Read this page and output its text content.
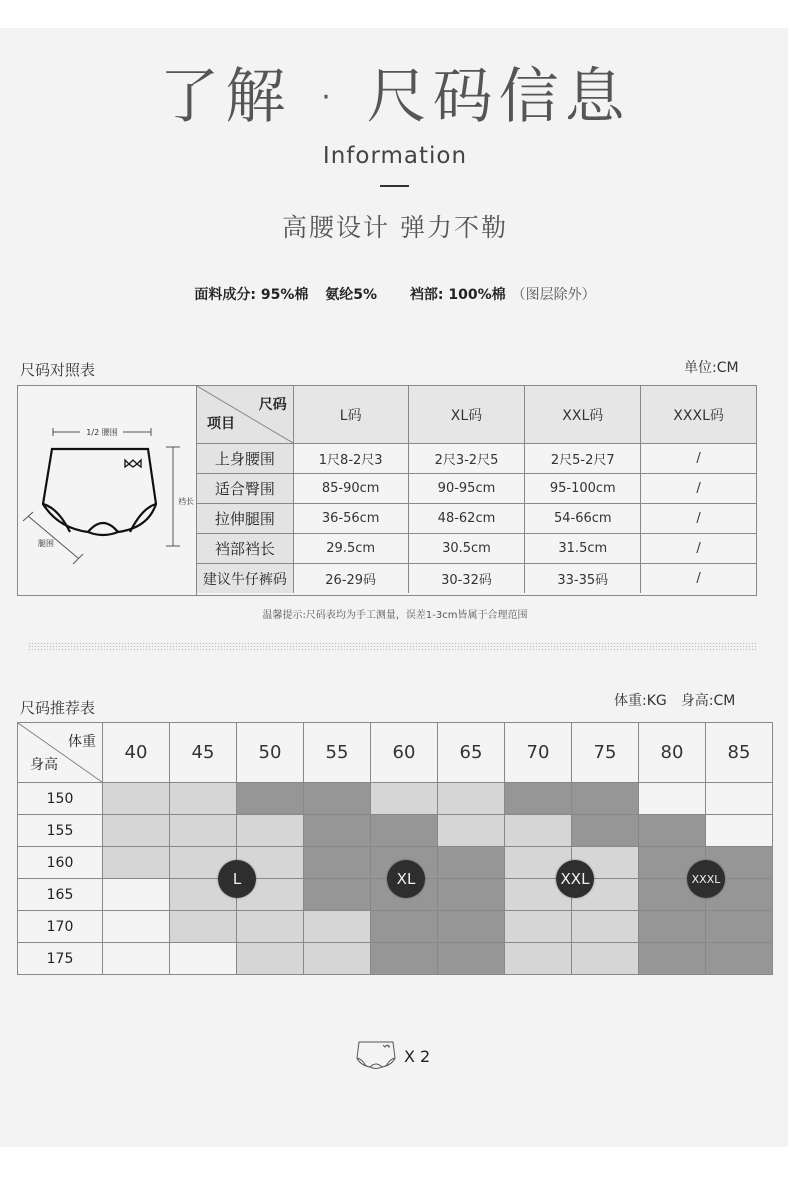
了解 · 尺码信息
Information
高腰设计 弹力不勒
面料成分: 95%棉 氨纶5% 裆部: 100%棉 （图层除外）
尺码对照表	单位:CM
1/2 腰围
裆长
腿围
尺码
项目	L码	XL码	XXL码	XXXL码
上身腰围	1尺8-2尺3	2尺3-2尺5	2尺5-2尺7	/
适合臀围	85-90cm	90-95cm	95-100cm	/
拉伸腿围	36-56cm	48-62cm	54-66cm	/
裆部裆长	29.5cm	30.5cm	31.5cm	/
建议牛仔裤码	26-29码	30-32码	33-35码	/
温馨提示:尺码表均为手工测量，误差1-3cm皆属于合理范围
尺码推荐表	体重:KG　身高:CM
体重
身高	40	45	50	55	60	65	70	75	80	85
150										
155										
160										
165										
170										
175										
L	XL	XXL	XXXL
X 2
